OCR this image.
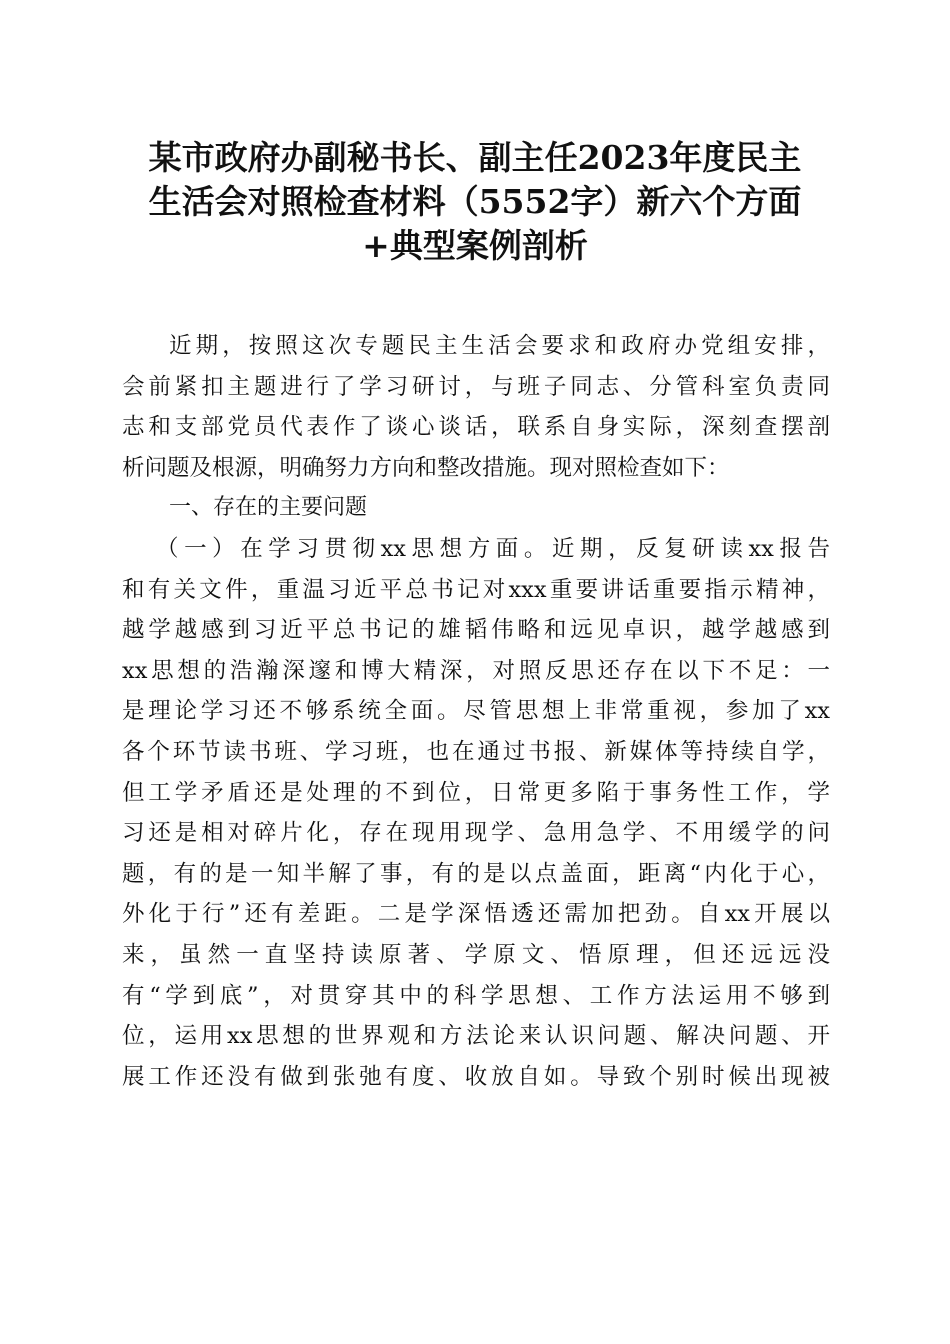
某市政府办副秘书长、副主任2023年度民主
生活会对照检查材料（5552字）新六个方面
+典型案例剖析
近期，按照这次专题民主生活会要求和政府办党组安排，
会前紧扣主题进行了学习研讨，与班子同志、分管科室负责同
志和支部党员代表作了谈心谈话，联系自身实际，深刻查摆剖
析问题及根源，明确努力方向和整改措施。现对照检查如下：
一、存在的主要问题
（一）在学习贯彻xx思想方面。近期，反复研读xx报告
和有关文件，重温习近平总书记对xxx重要讲话重要指示精神，
越学越感到习近平总书记的雄韬伟略和远见卓识，越学越感到
xx思想的浩瀚深邃和博大精深，对照反思还存在以下不足：一
是理论学习还不够系统全面。尽管思想上非常重视，参加了xx
各个环节读书班、学习班，也在通过书报、新媒体等持续自学，
但工学矛盾还是处理的不到位，日常更多陷于事务性工作，学
习还是相对碎片化，存在现用现学、急用急学、不用缓学的问
题，有的是一知半解了事，有的是以点盖面，距离“内化于心，
外化于行”还有差距。二是学深悟透还需加把劲。自xx开展以
来，虽然一直坚持读原著、学原文、悟原理，但还远远没
有“学到底”，对贯穿其中的科学思想、工作方法运用不够到
位，运用xx思想的世界观和方法论来认识问题、解决问题、开
展工作还没有做到张弛有度、收放自如。导致个别时候出现被
